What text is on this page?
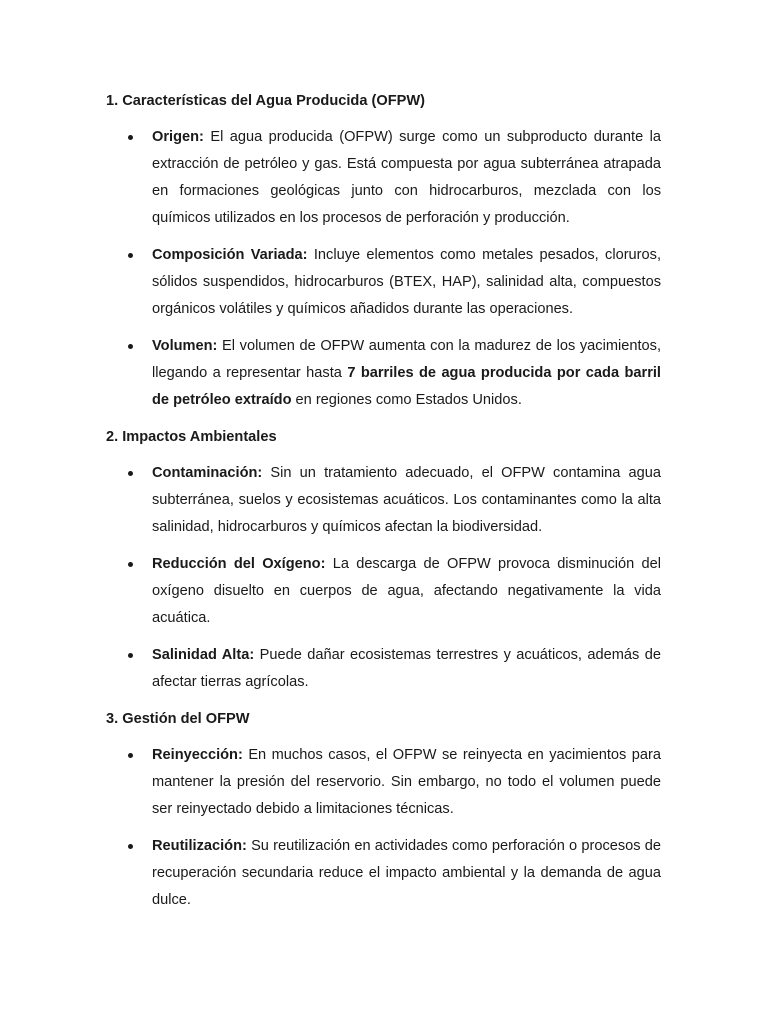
1. Características del Agua Producida (OFPW)
Origen: El agua producida (OFPW) surge como un subproducto durante la extracción de petróleo y gas. Está compuesta por agua subterránea atrapada en formaciones geológicas junto con hidrocarburos, mezclada con los químicos utilizados en los procesos de perforación y producción.
Composición Variada: Incluye elementos como metales pesados, cloruros, sólidos suspendidos, hidrocarburos (BTEX, HAP), salinidad alta, compuestos orgánicos volátiles y químicos añadidos durante las operaciones.
Volumen: El volumen de OFPW aumenta con la madurez de los yacimientos, llegando a representar hasta 7 barriles de agua producida por cada barril de petróleo extraído en regiones como Estados Unidos.
2. Impactos Ambientales
Contaminación: Sin un tratamiento adecuado, el OFPW contamina agua subterránea, suelos y ecosistemas acuáticos. Los contaminantes como la alta salinidad, hidrocarburos y químicos afectan la biodiversidad.
Reducción del Oxígeno: La descarga de OFPW provoca disminución del oxígeno disuelto en cuerpos de agua, afectando negativamente la vida acuática.
Salinidad Alta: Puede dañar ecosistemas terrestres y acuáticos, además de afectar tierras agrícolas.
3. Gestión del OFPW
Reinyección: En muchos casos, el OFPW se reinyecta en yacimientos para mantener la presión del reservorio. Sin embargo, no todo el volumen puede ser reinyectado debido a limitaciones técnicas.
Reutilización: Su reutilización en actividades como perforación o procesos de recuperación secundaria reduce el impacto ambiental y la demanda de agua dulce.
